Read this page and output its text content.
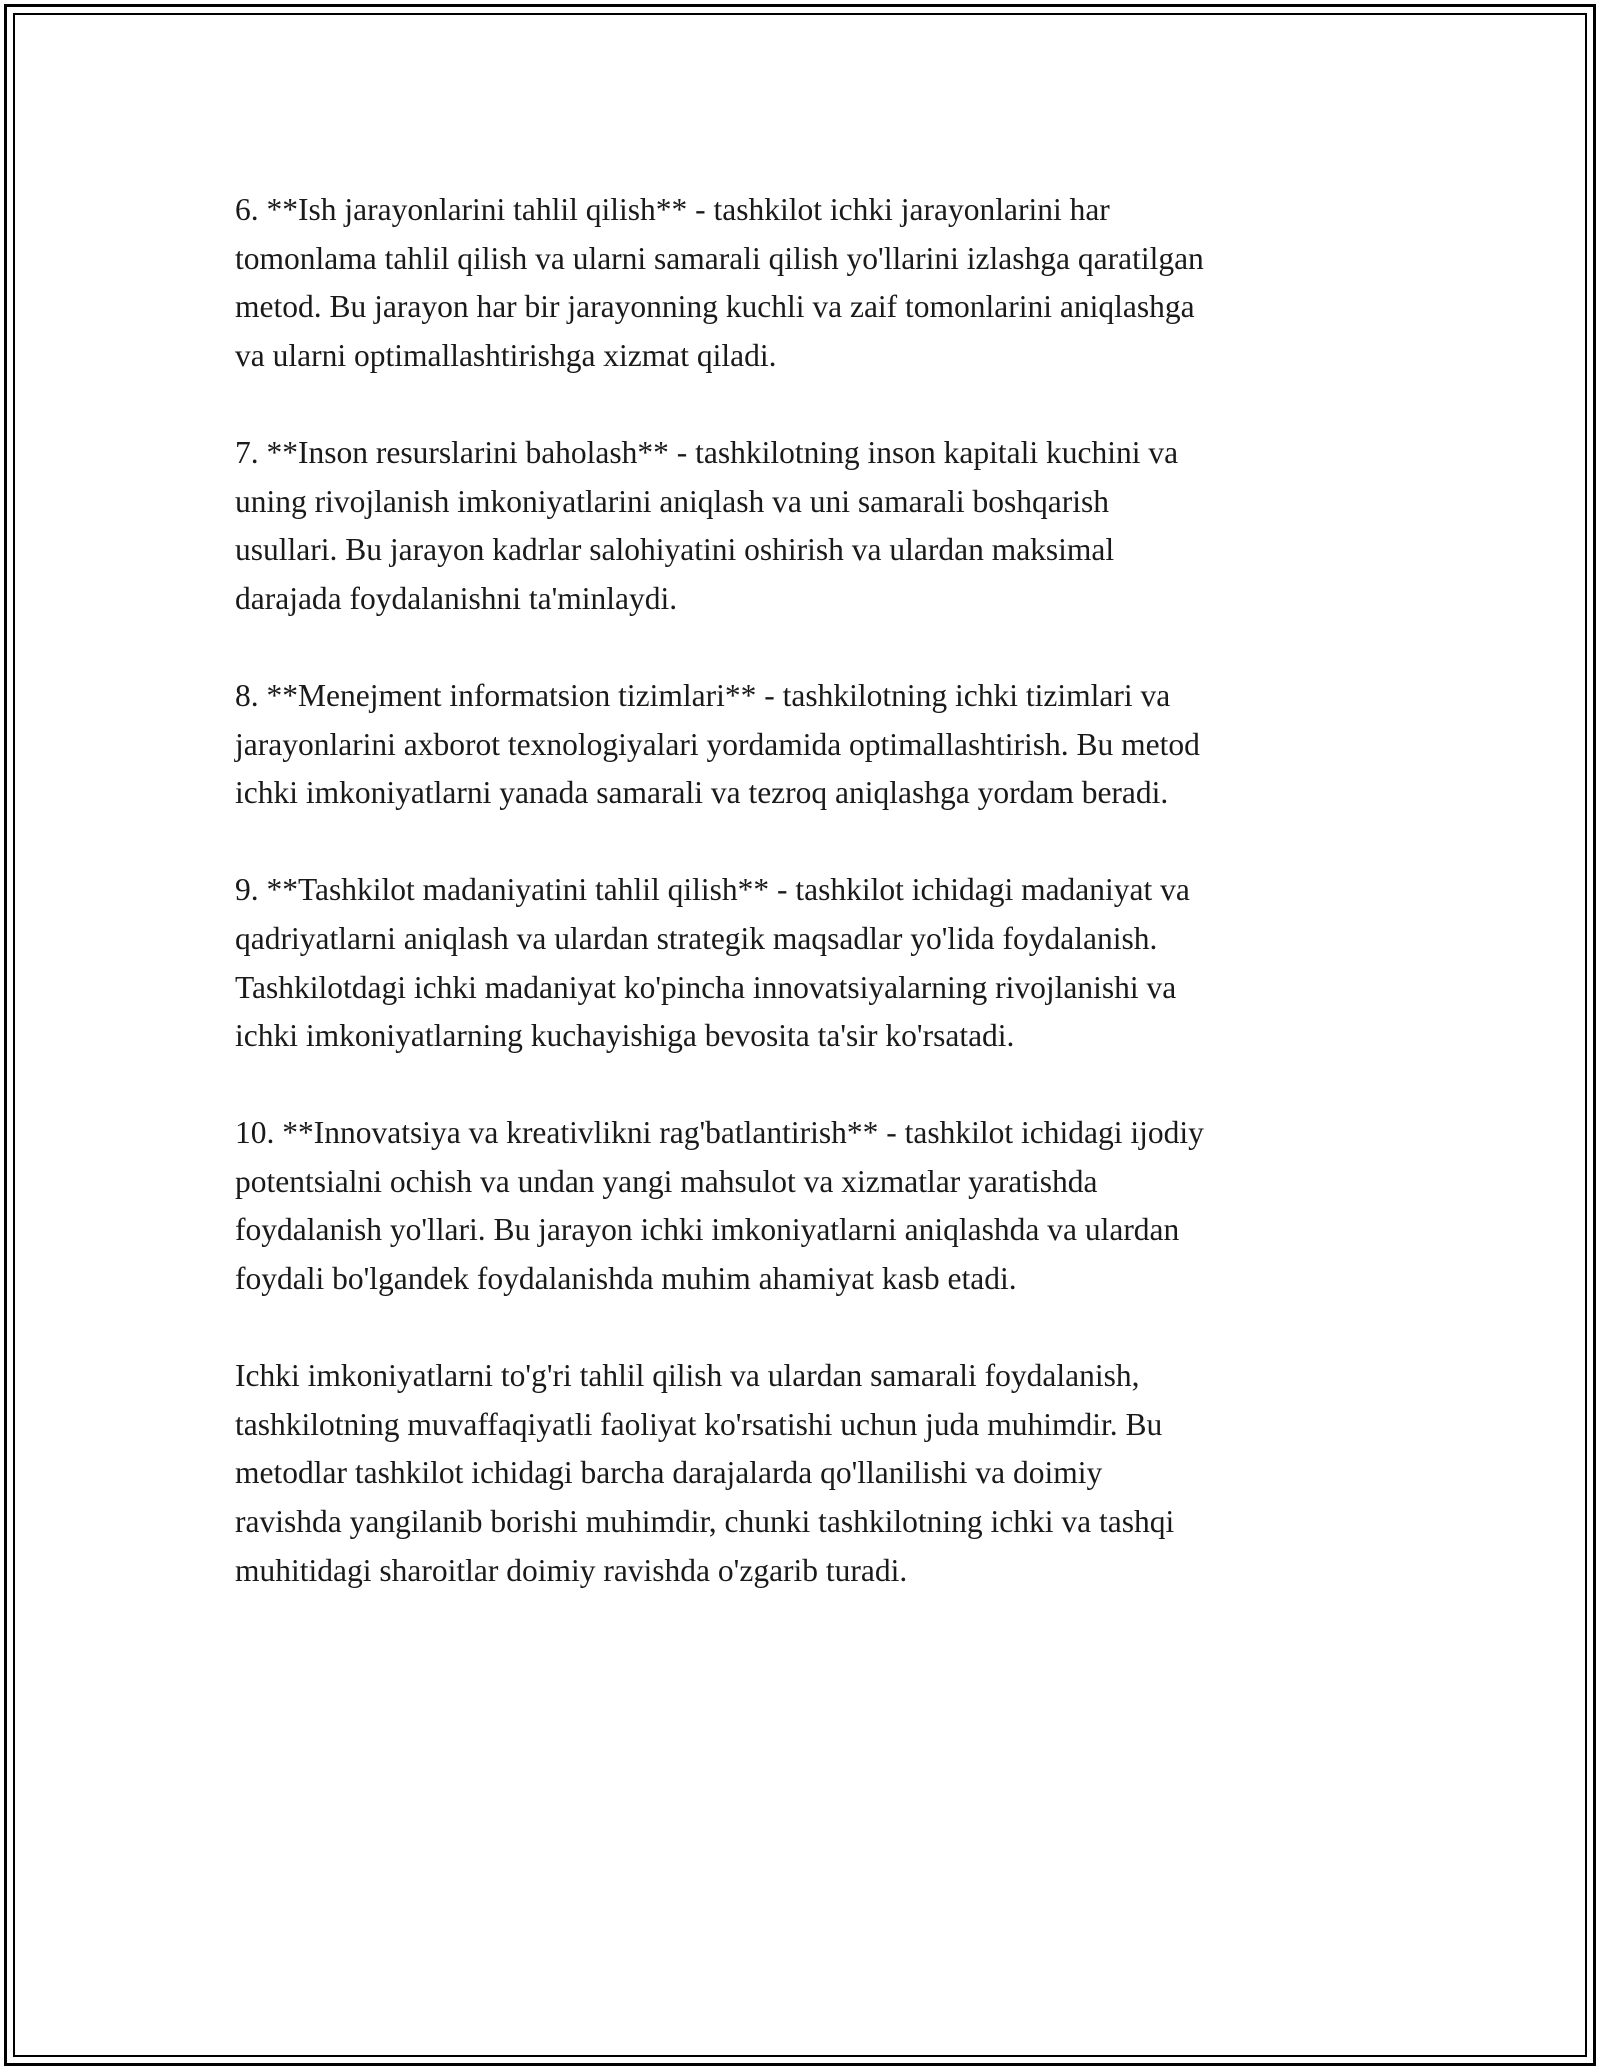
6. **Ish jarayonlarini tahlil qilish** - tashkilot ichki jarayonlarini har
tomonlama tahlil qilish va ularni samarali qilish yo'llarini izlashga qaratilgan
metod. Bu jarayon har bir jarayonning kuchli va zaif tomonlarini aniqlashga
va ularni optimallashtirishga xizmat qiladi.

7. **Inson resurslarini baholash** - tashkilotning inson kapitali kuchini va
uning rivojlanish imkoniyatlarini aniqlash va uni samarali boshqarish
usullari. Bu jarayon kadrlar salohiyatini oshirish va ulardan maksimal
darajada foydalanishni ta'minlaydi.

8. **Menejment informatsion tizimlari** - tashkilotning ichki tizimlari va
jarayonlarini axborot texnologiyalari yordamida optimallashtirish. Bu metod
ichki imkoniyatlarni yanada samarali va tezroq aniqlashga yordam beradi.

9. **Tashkilot madaniyatini tahlil qilish** - tashkilot ichidagi madaniyat va
qadriyatlarni aniqlash va ulardan strategik maqsadlar yo'lida foydalanish.
Tashkilotdagi ichki madaniyat ko'pincha innovatsiyalarning rivojlanishi va
ichki imkoniyatlarning kuchayishiga bevosita ta'sir ko'rsatadi.

10. **Innovatsiya va kreativlikni rag'batlantirish** - tashkilot ichidagi ijodiy
potentsialni ochish va undan yangi mahsulot va xizmatlar yaratishda
foydalanish yo'llari. Bu jarayon ichki imkoniyatlarni aniqlashda va ulardan
foydali bo'lgandek foydalanishda muhim ahamiyat kasb etadi.

Ichki imkoniyatlarni to'g'ri tahlil qilish va ulardan samarali foydalanish,
tashkilotning muvaffaqiyatli faoliyat ko'rsatishi uchun juda muhimdir. Bu
metodlar tashkilot ichidagi barcha darajalarda qo'llanilishi va doimiy
ravishda yangilanib borishi muhimdir, chunki tashkilotning ichki va tashqi
muhitidagi sharoitlar doimiy ravishda o'zgarib turadi.
